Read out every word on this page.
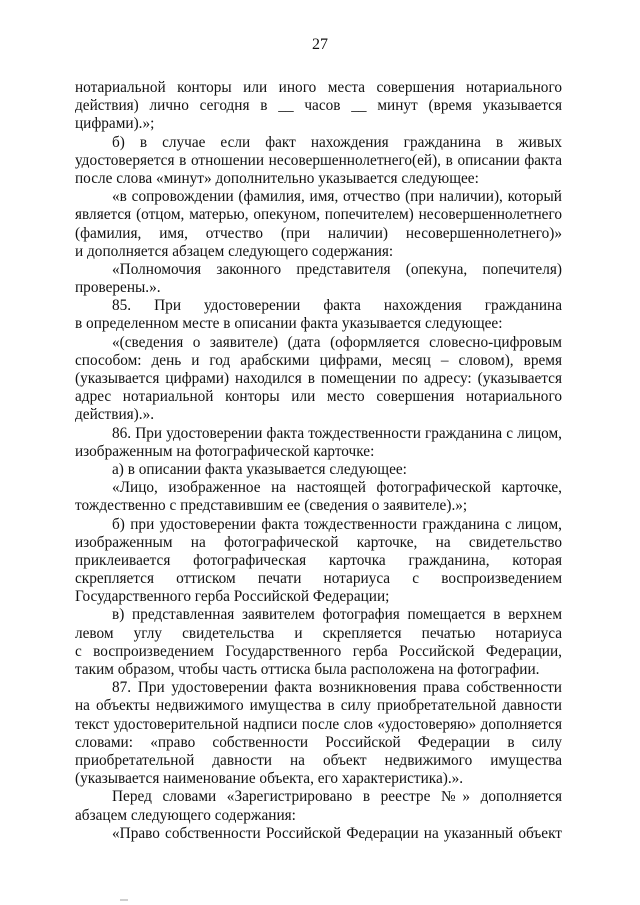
27
нотариальной конторы или иного места совершения нотариального
действия) лично сегодня в __ часов __ минут (время указывается
цифрами).»;
б) в случае если факт нахождения гражданина в живых
удостоверяется в отношении несовершеннолетнего(ей), в описании факта
после слова «минут» дополнительно указывается следующее:
«в сопровождении (фамилия, имя, отчество (при наличии), который
является (отцом, матерью, опекуном, попечителем) несовершеннолетнего
(фамилия, имя, отчество (при наличии) несовершеннолетнего)»
и дополняется абзацем следующего содержания:
«Полномочия законного представителя (опекуна, попечителя)
проверены.».
85. При удостоверении факта нахождения гражданина
в определенном месте в описании факта указывается следующее:
«(сведения о заявителе) (дата (оформляется словесно-цифровым
способом: день и год арабскими цифрами, месяц – словом), время
(указывается цифрами) находился в помещении по адресу: (указывается
адрес нотариальной конторы или место совершения нотариального
действия).».
86. При удостоверении факта тождественности гражданина с лицом,
изображенным на фотографической карточке:
а) в описании факта указывается следующее:
«Лицо, изображенное на настоящей фотографической карточке,
тождественно с представившим ее (сведения о заявителе).»;
б) при удостоверении факта тождественности гражданина с лицом,
изображенным на фотографической карточке, на свидетельство
приклеивается фотографическая карточка гражданина, которая
скрепляется оттиском печати нотариуса с воспроизведением
Государственного герба Российской Федерации;
в) представленная заявителем фотография помещается в верхнем
левом углу свидетельства и скрепляется печатью нотариуса
с воспроизведением Государственного герба Российской Федерации,
таким образом, чтобы часть оттиска была расположена на фотографии.
87. При удостоверении факта возникновения права собственности
на объекты недвижимого имущества в силу приобретательной давности
текст удостоверительной надписи после слов «удостоверяю» дополняется
словами: «право собственности Российской Федерации в силу
приобретательной давности на объект недвижимого имущества
(указывается наименование объекта, его характеристика).».
Перед словами «Зарегистрировано в реестре №» дополняется
абзацем следующего содержания:
«Право собственности Российской Федерации на указанный объект
